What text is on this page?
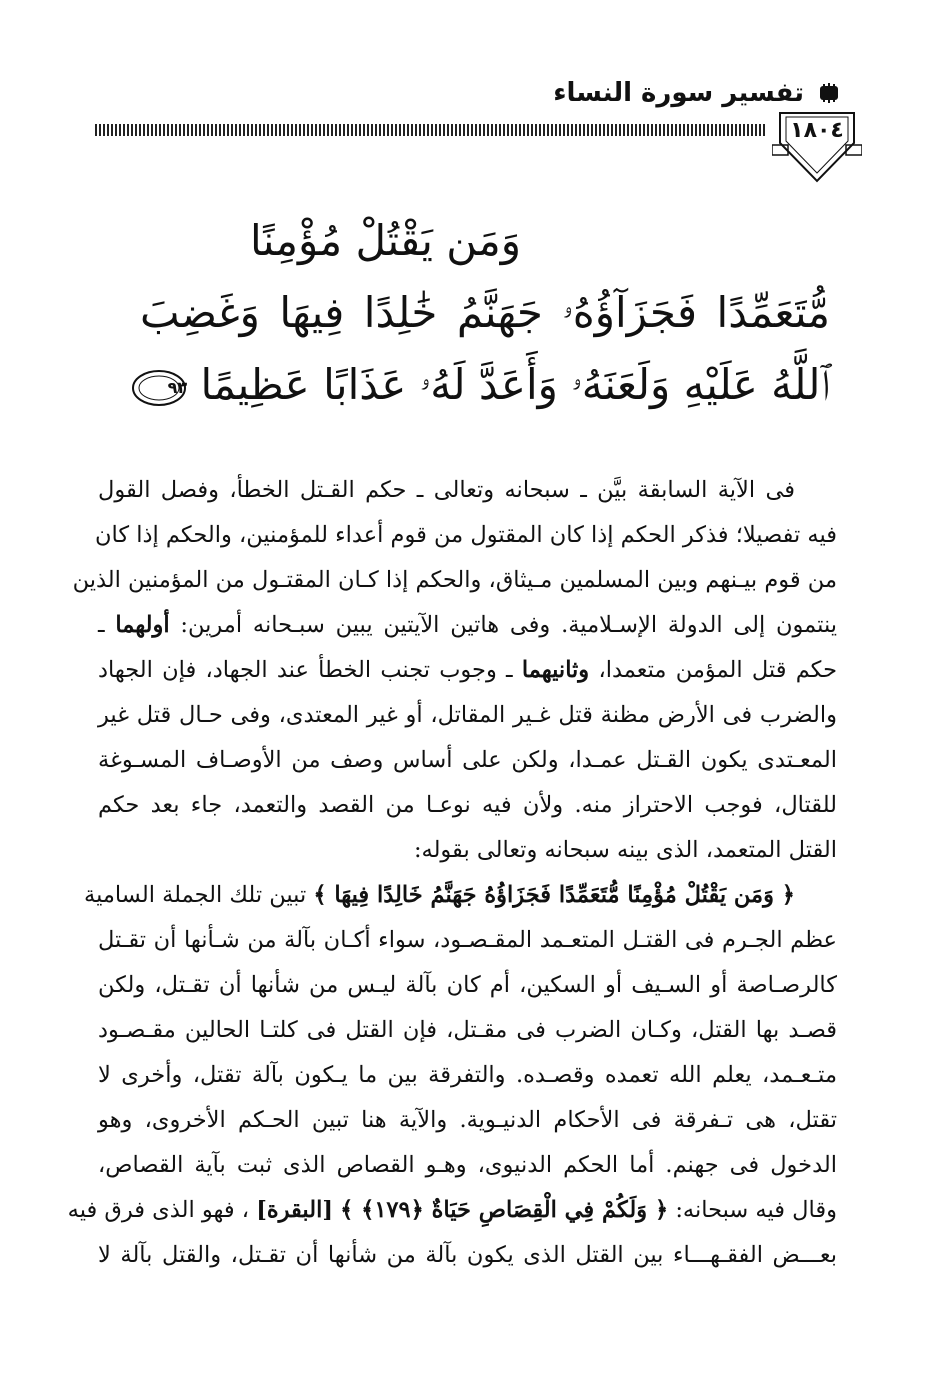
تفسير سورة النساء
١٨٠٤
وَمَن يَقْتُلْ مُؤْمِنًا
مُّتَعَمِّدًا فَجَزَآؤُهُۥ جَهَنَّمُ خَٰلِدًا فِيهَا وَغَضِبَ
ٱللَّهُ عَلَيْهِ وَلَعَنَهُۥ وَأَعَدَّ لَهُۥ عَذَابًا عَظِيمًا
٩٣
فى الآية السابقة بيَّن ـ سبحانه وتعالى ـ حكم القـتل الخطأ، وفصل القول
فيه تفصيلا؛ فذكر الحكم إذا كان المقتول من قوم أعداء للمؤمنين، والحكم إذا كان
من قوم بيـنهم وبين المسلمين مـيثاق، والحكم إذا كـان المقتـول من المؤمنين الذين
ينتمون إلى الدولة الإسـلامية. وفى هاتين الآيتين يبين سبـحانه أمرين: أولهما ـ
حكم قتل المؤمن متعمدا، وثانيهما ـ وجوب تجنب الخطأ عند الجهاد، فإن الجهاد
والضرب فى الأرض مظنة قتل غـير المقاتل، أو غير المعتدى، وفى حـال قتل غير
المعـتدى يكون القـتل عمـدا، ولكن على أساس وصف من الأوصـاف المسـوغة
للقتال، فوجب الاحتراز منه. ولأن فيه نوعـا من القصد والتعمد، جاء بعد حكم
القتل المتعمد، الذى بينه سبحانه وتعالى بقوله:
﴿ وَمَن يَقْتُلْ مُؤْمِنًا مُّتَعَمِّدًا فَجَزَاؤُهُ جَهَنَّمُ خَالِدًا فِيهَا ﴾ تبين تلك الجملة السامية
عظم الجـرم فى القتـل المتعـمد المقـصـود، سواء أكـان بآلة من شـأنها أن تقـتل
كالرصـاصة أو السـيف أو السكين، أم كان بآلة ليـس من شأنها أن تقـتل، ولكن
قصـد بها القتل، وكـان الضرب فى مقـتل، فإن القتل فى كلتـا الحالين مقـصـود
متـعـمد، يعلم الله تعمده وقصـده. والتفرقة بين ما يـكون بآلة تقتل، وأخرى لا
تقتل، هى تـفرقة فى الأحكام الدنيـوية. والآية هنا تبين الحـكم الأخروى، وهو
الدخول فى جهنم. أما الحكم الدنيوى، وهـو القصاص الذى ثبت بآية القصاص،
وقال فيه سبحانه: ﴿ وَلَكُمْ فِي الْقِصَاصِ حَيَاةٌ ﴿١٧٩﴾ ﴾ [البقرة] ، فهو الذى فرق فيه
بعـــض الفقـهـــاء بين القتل الذى يكون بآلة من شأنها أن تقـتل، والقتل بآلة لا
